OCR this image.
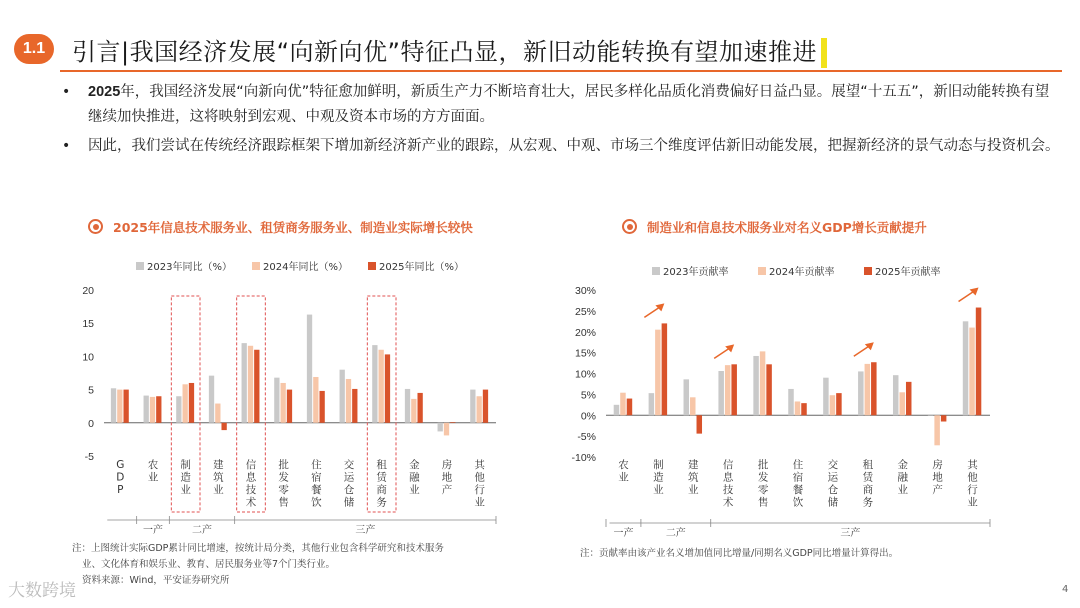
1.1	引言|我国经济发展“向新向优”特征凸显，新旧动能转换有望加速推进
•	2025年，我国经济发展“向新向优”特征愈加鲜明，新质生产力不断培育壮大，居民多样化品质化消费偏好日益凸显。展望“十五五”，新旧动能转换有望继续加快推进，这将映射到宏观、中观及资本市场的方方面面。
•	因此，我们尝试在传统经济跟踪框架下增加新经济新产业的跟踪，从宏观、中观、市场三个维度评估新旧动能发展，把握新经济的景气动态与投资机会。
2025年信息技术服务业、租赁商务服务业、制造业实际增长较快	制造业和信息技术服务业对名义GDP增长贡献提升
-5
0
5
10
15
20
2023年同比（%）	2024年同比（%）	2025年同比（%）
G
D
P
农
业
制
造
业
建
筑
业
信
息
技
术
批
发
零
售
住
宿
餐
饮
交
运
仓
储
租
赁
商
务
金
融
业
房
地
产
其
他
行
业
一产	二产	三产
-10%
-5%
0%
5%
10%
15%
20%
25%
30%
2023年贡献率	2024年贡献率	2025年贡献率
农
业
制
造
业
建
筑
业
信
息
技
术
批
发
零
售
住
宿
餐
饮
交
运
仓
储
租
赁
商
务
金
融
业
房
地
产
其
他
行
业
一产	二产	三产
注：上图统计实际GDP累计同比增速，按统计局分类，其他行业包含科学研究和技术服务
业、文化体育和娱乐业、教育、居民服务业等7个门类行业。
资料来源：Wind，平安证券研究所
注：贡献率由该产业名义增加值同比增量/同期名义GDP同比增量计算得出。
大数跨境	4
